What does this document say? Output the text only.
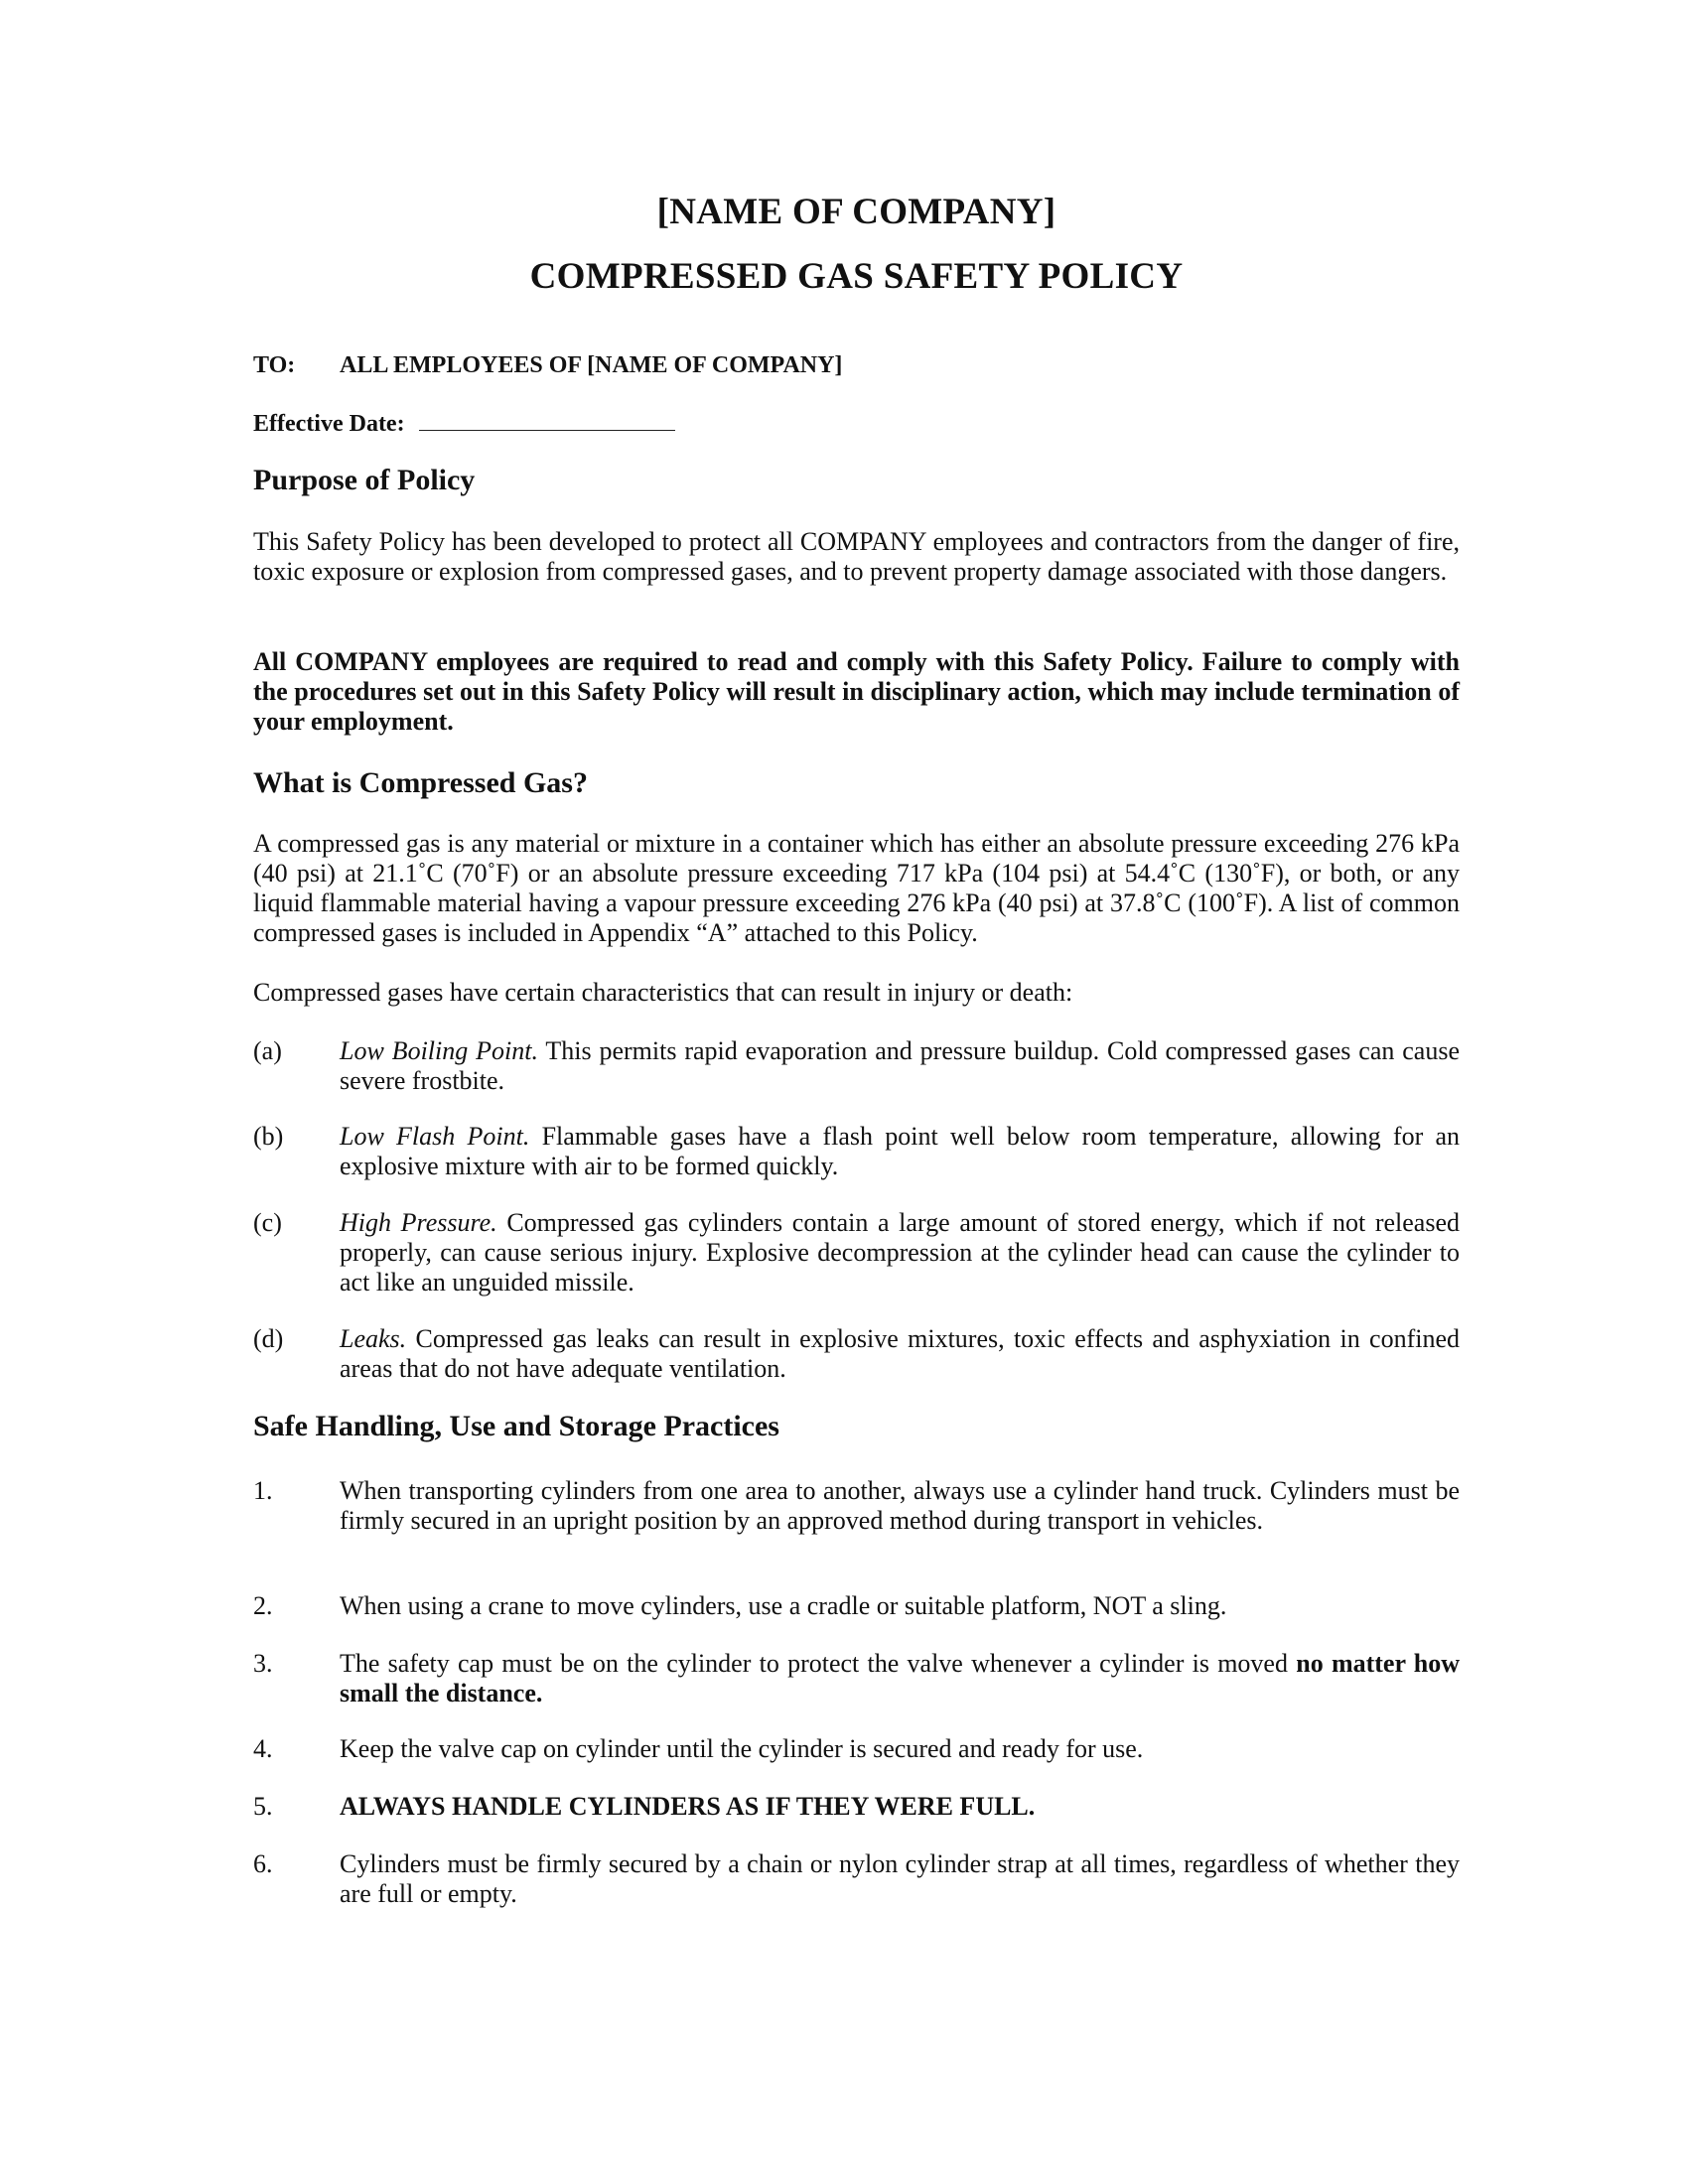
[NAME OF COMPANY]
COMPRESSED GAS SAFETY POLICY
TO: ALL EMPLOYEES OF [NAME OF COMPANY]
Effective Date:
Purpose of Policy

This Safety Policy has been developed to protect all COMPANY employees and contractors from the danger of fire, toxic exposure or explosion from compressed gases, and to prevent property damage associated with those dangers.

All COMPANY employees are required to read and comply with this Safety Policy. Failure to comply with the procedures set out in this Safety Policy will result in disciplinary action, which may include termination of your employment.

What is Compressed Gas?

A compressed gas is any material or mixture in a container which has either an absolute pressure exceeding 276 kPa (40 psi) at 21.1˚C (70˚F) or an absolute pressure exceeding 717 kPa (104 psi) at 54.4˚C (130˚F), or both, or any liquid flammable material having a vapour pressure exceeding 276 kPa (40 psi) at 37.8˚C (100˚F). A list of common compressed gases is included in Appendix “A” attached to this Policy.

Compressed gases have certain characteristics that can result in injury or death:

(a) Low Boiling Point. This permits rapid evaporation and pressure buildup. Cold compressed gases can cause severe frostbite.
(b) Low Flash Point. Flammable gases have a flash point well below room temperature, allowing for an explosive mixture with air to be formed quickly.
(c) High Pressure. Compressed gas cylinders contain a large amount of stored energy, which if not released properly, can cause serious injury. Explosive decompression at the cylinder head can cause the cylinder to act like an unguided missile.
(d) Leaks. Compressed gas leaks can result in explosive mixtures, toxic effects and asphyxiation in confined areas that do not have adequate ventilation.
Safe Handling, Use and Storage Practices
1.	When transporting cylinders from one area to another, always use a cylinder hand truck. Cylinders must be firmly secured in an upright position by an approved method during transport in vehicles.
2.	When using a crane to move cylinders, use a cradle or suitable platform, NOT a sling.
3.	The safety cap must be on the cylinder to protect the valve whenever a cylinder is moved no matter how small the distance.
4.	Keep the valve cap on cylinder until the cylinder is secured and ready for use.
5.	ALWAYS HANDLE CYLINDERS AS IF THEY WERE FULL.
6.	Cylinders must be firmly secured by a chain or nylon cylinder strap at all times, regardless of whether they are full or empty.
